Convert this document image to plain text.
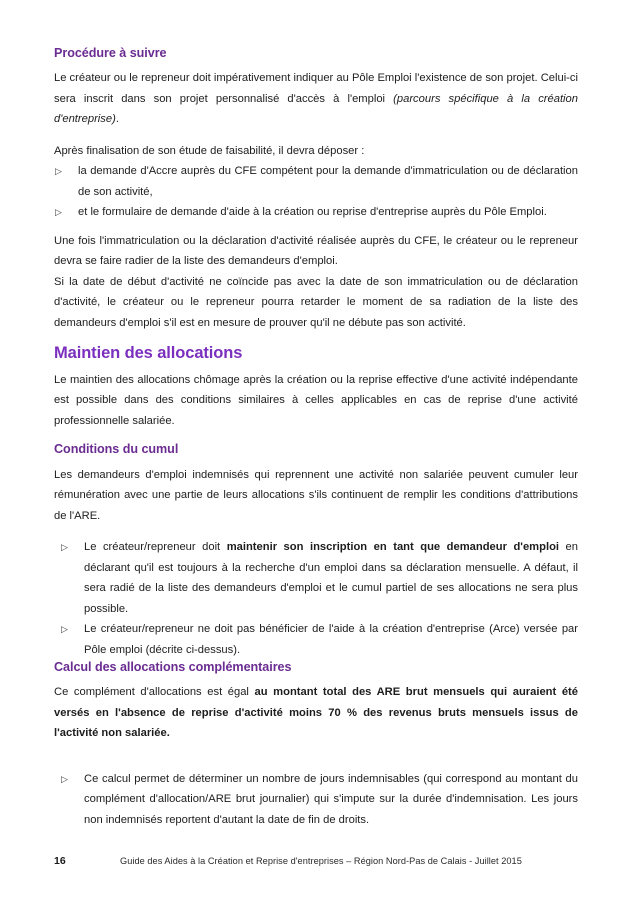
Procédure à suivre

Le créateur ou le repreneur doit impérativement indiquer au Pôle Emploi l'existence de son projet. Celui-ci sera inscrit dans son projet personnalisé d'accès à l'emploi (parcours spécifique à la création d'entreprise).

Après finalisation de son étude de faisabilité, il devra déposer :

▷ la demande d'Accre auprès du CFE compétent pour la demande d'immatriculation ou de déclaration de son activité,
▷ et le formulaire de demande d'aide à la création ou reprise d'entreprise auprès du Pôle Emploi.

Une fois l'immatriculation ou la déclaration d'activité réalisée auprès du CFE, le créateur ou le repreneur devra se faire radier de la liste des demandeurs d'emploi.

Si la date de début d'activité ne coïncide pas avec la date de son immatriculation ou de déclaration d'activité, le créateur ou le repreneur pourra retarder le moment de sa radiation de la liste des demandeurs d'emploi s'il est en mesure de prouver qu'il ne débute pas son activité.

Maintien des allocations

Le maintien des allocations chômage après la création ou la reprise effective d'une activité indépendante est possible dans des conditions similaires à celles applicables en cas de reprise d'une activité professionnelle salariée.

Conditions du cumul

Les demandeurs d'emploi indemnisés qui reprennent une activité non salariée peuvent cumuler leur rémunération avec une partie de leurs allocations s'ils continuent de remplir les conditions d'attributions de l'ARE.

▷ Le créateur/repreneur doit maintenir son inscription en tant que demandeur d'emploi en déclarant qu'il est toujours à la recherche d'un emploi dans sa déclaration mensuelle. A défaut, il sera radié de la liste des demandeurs d'emploi et le cumul partiel de ses allocations ne sera plus possible.
▷ Le créateur/repreneur ne doit pas bénéficier de l'aide à la création d'entreprise (Arce) versée par Pôle emploi (décrite ci-dessus).
Calcul des allocations complémentaires

Ce complément d'allocations est égal au montant total des ARE brut mensuels qui auraient été versés en l'absence de reprise d'activité moins 70 % des revenus bruts mensuels issus de l'activité non salariée.

▷ Ce calcul permet de déterminer un nombre de jours indemnisables (qui correspond au montant du complément d'allocation/ARE brut journalier) qui s'impute sur la durée d'indemnisation. Les jours non indemnisés reportent d'autant la date de fin de droits.
16	Guide des Aides à la Création et Reprise d'entreprises – Région Nord-Pas de Calais - Juillet 2015
